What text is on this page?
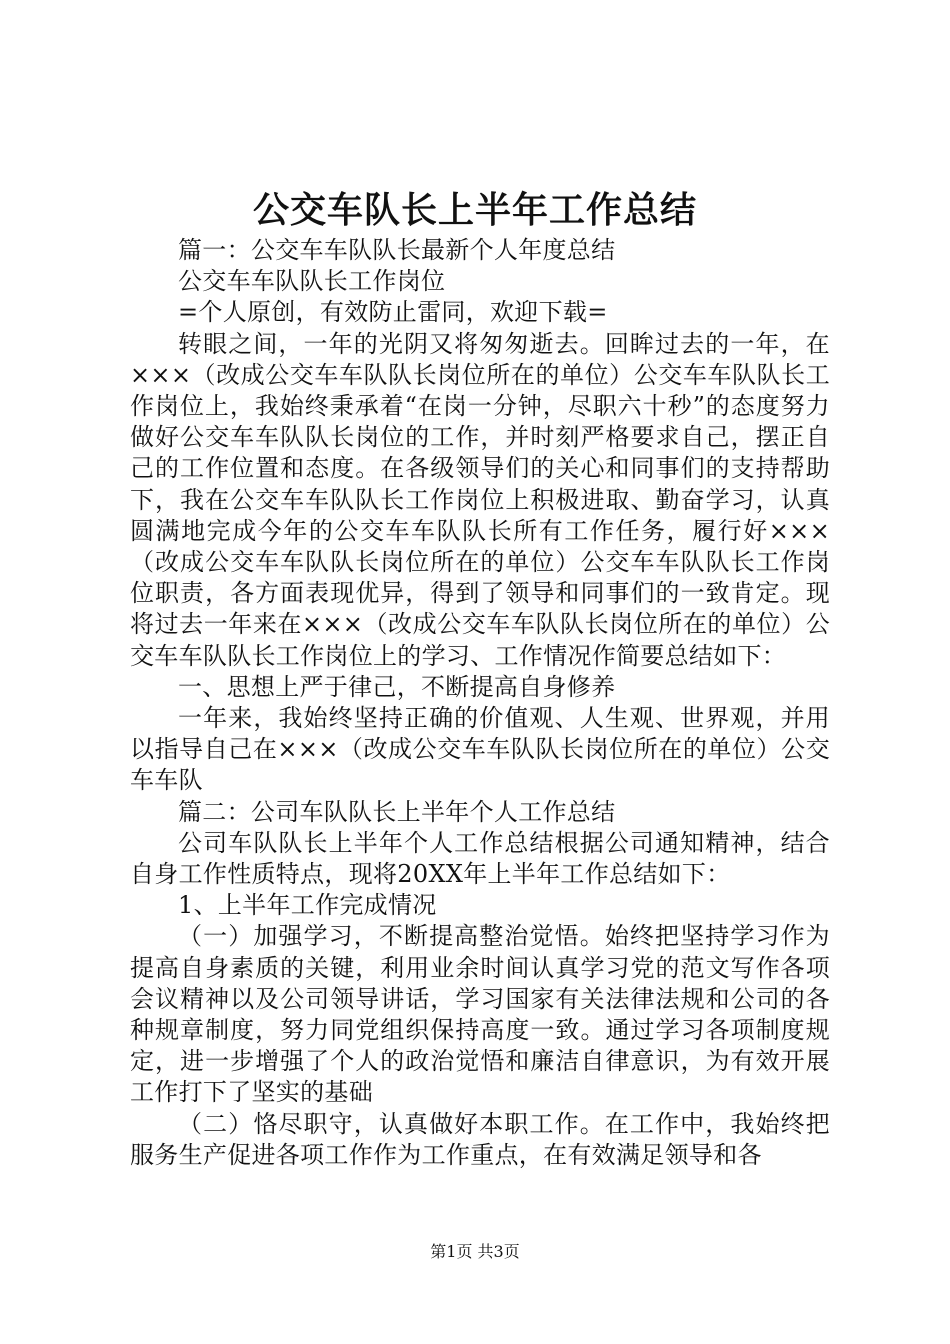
公交车队长上半年工作总结

篇一：公交车车队队长最新个人年度总结

公交车车队队长工作岗位

=个人原创，有效防止雷同，欢迎下载=

转眼之间，一年的光阴又将匆匆逝去。回眸过去的一年，在×××（改成公交车车队队长岗位所在的单位）公交车车队队长工作岗位上，我始终秉承着“在岗一分钟，尽职六十秒”的态度努力做好公交车车队队长岗位的工作，并时刻严格要求自己，摆正自己的工作位置和态度。在各级领导们的关心和同事们的支持帮助下，我在公交车车队队长工作岗位上积极进取、勤奋学习，认真圆满地完成今年的公交车车队队长所有工作任务，履行好×××（改成公交车车队队长岗位所在的单位）公交车车队队长工作岗位职责，各方面表现优异，得到了领导和同事们的一致肯定。现将过去一年来在×××（改成公交车车队队长岗位所在的单位）公交车车队队长工作岗位上的学习、工作情况作简要总结如下：

一、思想上严于律己，不断提高自身修养

一年来，我始终坚持正确的价值观、人生观、世界观，并用以指导自己在×××（改成公交车车队队长岗位所在的单位）公交车车队

篇二：公司车队队长上半年个人工作总结

公司车队队长上半年个人工作总结根据公司通知精神，结合自身工作性质特点，现将20XX年上半年工作总结如下：

1、上半年工作完成情况

（一）加强学习，不断提高整治觉悟。始终把坚持学习作为提高自身素质的关键，利用业余时间认真学习党的范文写作各项会议精神以及公司领导讲话，学习国家有关法律法规和公司的各种规章制度，努力同党组织保持高度一致。通过学习各项制度规定，进一步增强了个人的政治觉悟和廉洁自律意识，为有效开展工作打下了坚实的基础

（二）恪尽职守，认真做好本职工作。在工作中，我始终把服务生产促进各项工作作为工作重点，在有效满足领导和各

第1页 共3页
